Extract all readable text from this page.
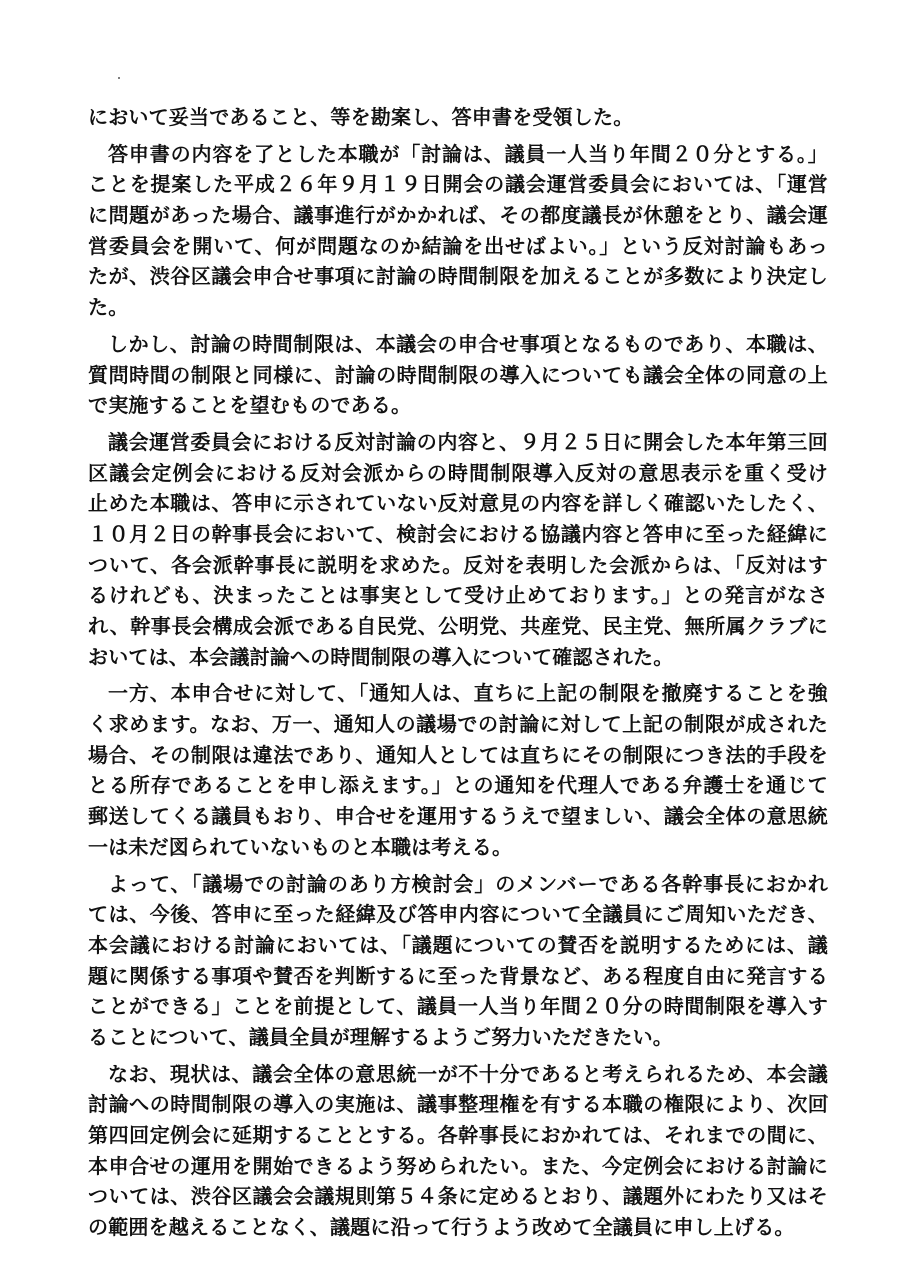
において妥当であること、等を勘案し、答申書を受領した。
答申書の内容を了とした本職が「討論は、議員一人当り年間２０分とする。」
ことを提案した平成２６年９月１９日開会の議会運営委員会においては、「運営
に問題があった場合、議事進行がかかれば、その都度議長が休憩をとり、議会運
営委員会を開いて、何が問題なのか結論を出せばよい。」という反対討論もあっ
たが、渋谷区議会申合せ事項に討論の時間制限を加えることが多数により決定し
た。
しかし、討論の時間制限は、本議会の申合せ事項となるものであり、本職は、
質問時間の制限と同様に、討論の時間制限の導入についても議会全体の同意の上
で実施することを望むものである。
議会運営委員会における反対討論の内容と、９月２５日に開会した本年第三回
区議会定例会における反対会派からの時間制限導入反対の意思表示を重く受け
止めた本職は、答申に示されていない反対意見の内容を詳しく確認いたしたく、
１０月２日の幹事長会において、検討会における協議内容と答申に至った経緯に
ついて、各会派幹事長に説明を求めた。反対を表明した会派からは、「反対はす
るけれども、決まったことは事実として受け止めております。」との発言がなさ
れ、幹事長会構成会派である自民党、公明党、共産党、民主党、無所属クラブに
おいては、本会議討論への時間制限の導入について確認された。
一方、本申合せに対して、「通知人は、直ちに上記の制限を撤廃することを強
く求めます。なお、万一、通知人の議場での討論に対して上記の制限が成された
場合、その制限は違法であり、通知人としては直ちにその制限につき法的手段を
とる所存であることを申し添えます。」との通知を代理人である弁護士を通じて
郵送してくる議員もおり、申合せを運用するうえで望ましい、議会全体の意思統
一は未だ図られていないものと本職は考える。
よって、「議場での討論のあり方検討会」のメンバーである各幹事長におかれ
ては、今後、答申に至った経緯及び答申内容について全議員にご周知いただき、
本会議における討論においては、「議題についての賛否を説明するためには、議
題に関係する事項や賛否を判断するに至った背景など、ある程度自由に発言する
ことができる」ことを前提として、議員一人当り年間２０分の時間制限を導入す
ることについて、議員全員が理解するようご努力いただきたい。
なお、現状は、議会全体の意思統一が不十分であると考えられるため、本会議
討論への時間制限の導入の実施は、議事整理権を有する本職の権限により、次回
第四回定例会に延期することとする。各幹事長におかれては、それまでの間に、
本申合せの運用を開始できるよう努められたい。また、今定例会における討論に
ついては、渋谷区議会会議規則第５４条に定めるとおり、議題外にわたり又はそ
の範囲を越えることなく、議題に沿って行うよう改めて全議員に申し上げる。
